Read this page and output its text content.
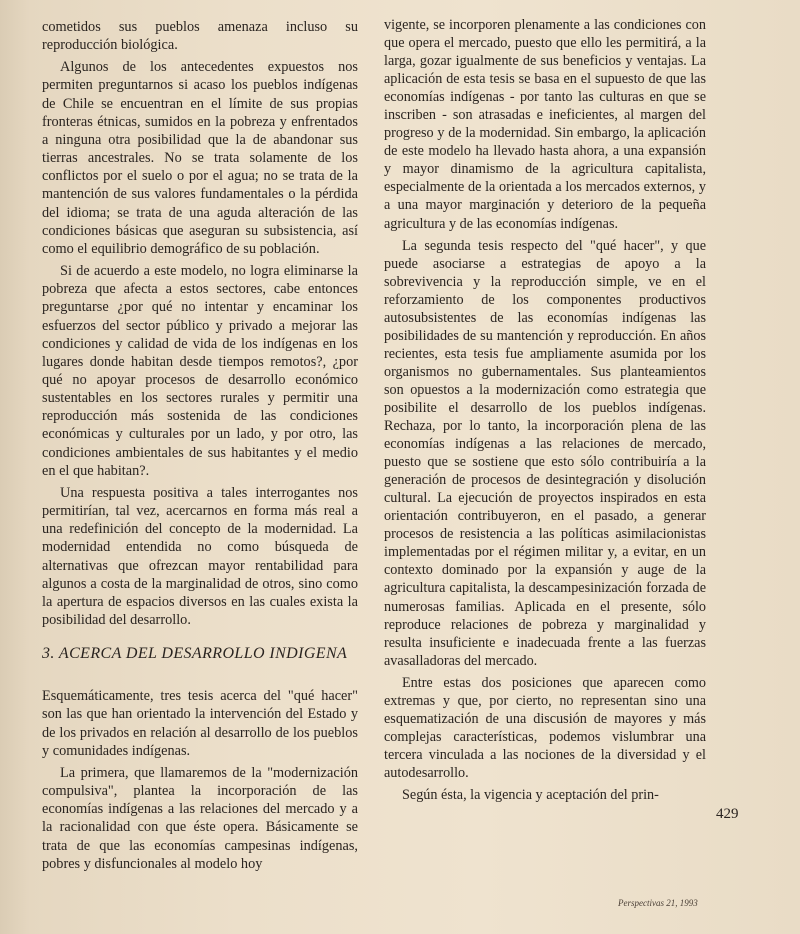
cometidos sus pueblos amenaza incluso su reproducción biológica.

Algunos de los antecedentes expuestos nos permiten preguntarnos si acaso los pueblos indígenas de Chile se encuentran en el límite de sus propias fronteras étnicas, sumidos en la pobreza y enfrentados a ninguna otra posibilidad que la de abandonar sus tierras ancestrales. No se trata solamente de los conflictos por el suelo o por el agua; no se trata de la mantención de sus valores fundamentales o la pérdida del idioma; se trata de una aguda alteración de las condiciones básicas que aseguran su subsistencia, así como el equilibrio demográfico de su población.

Si de acuerdo a este modelo, no logra eliminarse la pobreza que afecta a estos sectores, cabe entonces preguntarse ¿por qué no intentar y encaminar los esfuerzos del sector público y privado a mejorar las condiciones y calidad de vida de los indígenas en los lugares donde habitan desde tiempos remotos?, ¿por qué no apoyar procesos de desarrollo económico sustentables en los sectores rurales y permitir una reproducción más sostenida de las condiciones económicas y culturales por un lado, y por otro, las condiciones ambientales de sus habitantes y el medio en el que habitan?.

Una respuesta positiva a tales interrogantes nos permitirían, tal vez, acercarnos en forma más real a una redefinición del concepto de la modernidad. La modernidad entendida no como búsqueda de alternativas que ofrezcan mayor rentabilidad para algunos a costa de la marginalidad de otros, sino como la apertura de espacios diversos en las cuales exista la posibilidad del desarrollo.

3. ACERCA DEL DESARROLLO INDIGENA

Esquemáticamente, tres tesis acerca del "qué hacer" son las que han orientado la intervención del Estado y de los privados en relación al desarrollo de los pueblos y comunidades indígenas.

La primera, que llamaremos de la "modernización compulsiva", plantea la incorporación de las economías indígenas a las relaciones del mercado y a la racionalidad con que éste opera. Básicamente se trata de que las economías campesinas indígenas, pobres y disfuncionales al modelo hoy

vigente, se incorporen plenamente a las condiciones con que opera el mercado, puesto que ello les permitirá, a la larga, gozar igualmente de sus beneficios y ventajas. La aplicación de esta tesis se basa en el supuesto de que las economías indígenas - por tanto las culturas en que se inscriben - son atrasadas e ineficientes, al margen del progreso y de la modernidad. Sin embargo, la aplicación de este modelo ha llevado hasta ahora, a una expansión y mayor dinamismo de la agricultura capitalista, especialmente de la orientada a los mercados externos, y a una mayor marginación y deterioro de la pequeña agricultura y de las economías indígenas.

La segunda tesis respecto del "qué hacer", y que puede asociarse a estrategias de apoyo a la sobrevivencia y la reproducción simple, ve en el reforzamiento de los componentes productivos autosubsistentes de las economías indígenas las posibilidades de su mantención y reproducción. En años recientes, esta tesis fue ampliamente asumida por los organismos no gubernamentales. Sus planteamientos son opuestos a la modernización como estrategia que posibilite el desarrollo de los pueblos indígenas. Rechaza, por lo tanto, la incorporación plena de las economías indígenas a las relaciones de mercado, puesto que se sostiene que esto sólo contribuiría a la generación de procesos de desintegración y disolución cultural. La ejecución de proyectos inspirados en esta orientación contribuyeron, en el pasado, a generar procesos de resistencia a las políticas asimilacionistas implementadas por el régimen militar y, a evitar, en un contexto dominado por la expansión y auge de la agricultura capitalista, la descampesinización forzada de numerosas familias. Aplicada en el presente, sólo reproduce relaciones de pobreza y marginalidad y resulta insuficiente e inadecuada frente a las fuerzas avasalladoras del mercado.

Entre estas dos posiciones que aparecen como extremas y que, por cierto, no representan sino una esquematización de una discusión de mayores y más complejas características, podemos vislumbrar una tercera vinculada a las nociones de la diversidad y el autodesarrollo.

Según ésta, la vigencia y aceptación del prin-

429
Perspectivas 21, 1993
